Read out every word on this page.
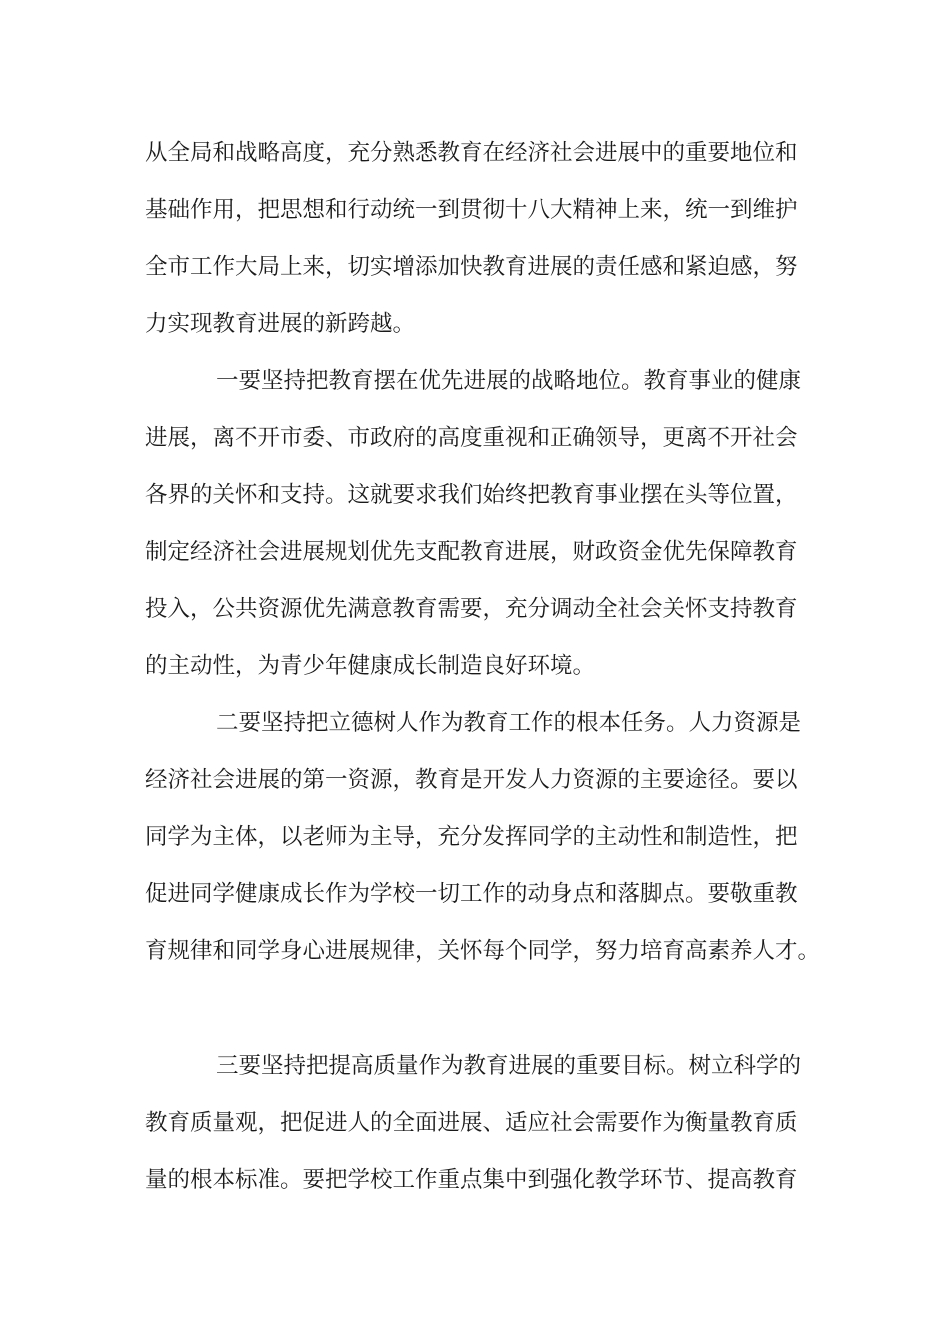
从全局和战略高度，充分熟悉教育在经济社会进展中的重要地位和

基础作用，把思想和行动统一到贯彻十八大精神上来，统一到维护

全市工作大局上来，切实增添加快教育进展的责任感和紧迫感，努

力实现教育进展的新跨越。

一要坚持把教育摆在优先进展的战略地位。教育事业的健康

进展，离不开市委、市政府的高度重视和正确领导，更离不开社会

各界的关怀和支持。这就要求我们始终把教育事业摆在头等位置，

制定经济社会进展规划优先支配教育进展，财政资金优先保障教育

投入，公共资源优先满意教育需要，充分调动全社会关怀支持教育

的主动性，为青少年健康成长制造良好环境。

二要坚持把立德树人作为教育工作的根本任务。人力资源是

经济社会进展的第一资源，教育是开发人力资源的主要途径。要以

同学为主体，以老师为主导，充分发挥同学的主动性和制造性，把

促进同学健康成长作为学校一切工作的动身点和落脚点。要敬重教

育规律和同学身心进展规律，关怀每个同学，努力培育高素养人才。

三要坚持把提高质量作为教育进展的重要目标。树立科学的

教育质量观，把促进人的全面进展、适应社会需要作为衡量教育质

量的根本标准。要把学校工作重点集中到强化教学环节、提高教育
